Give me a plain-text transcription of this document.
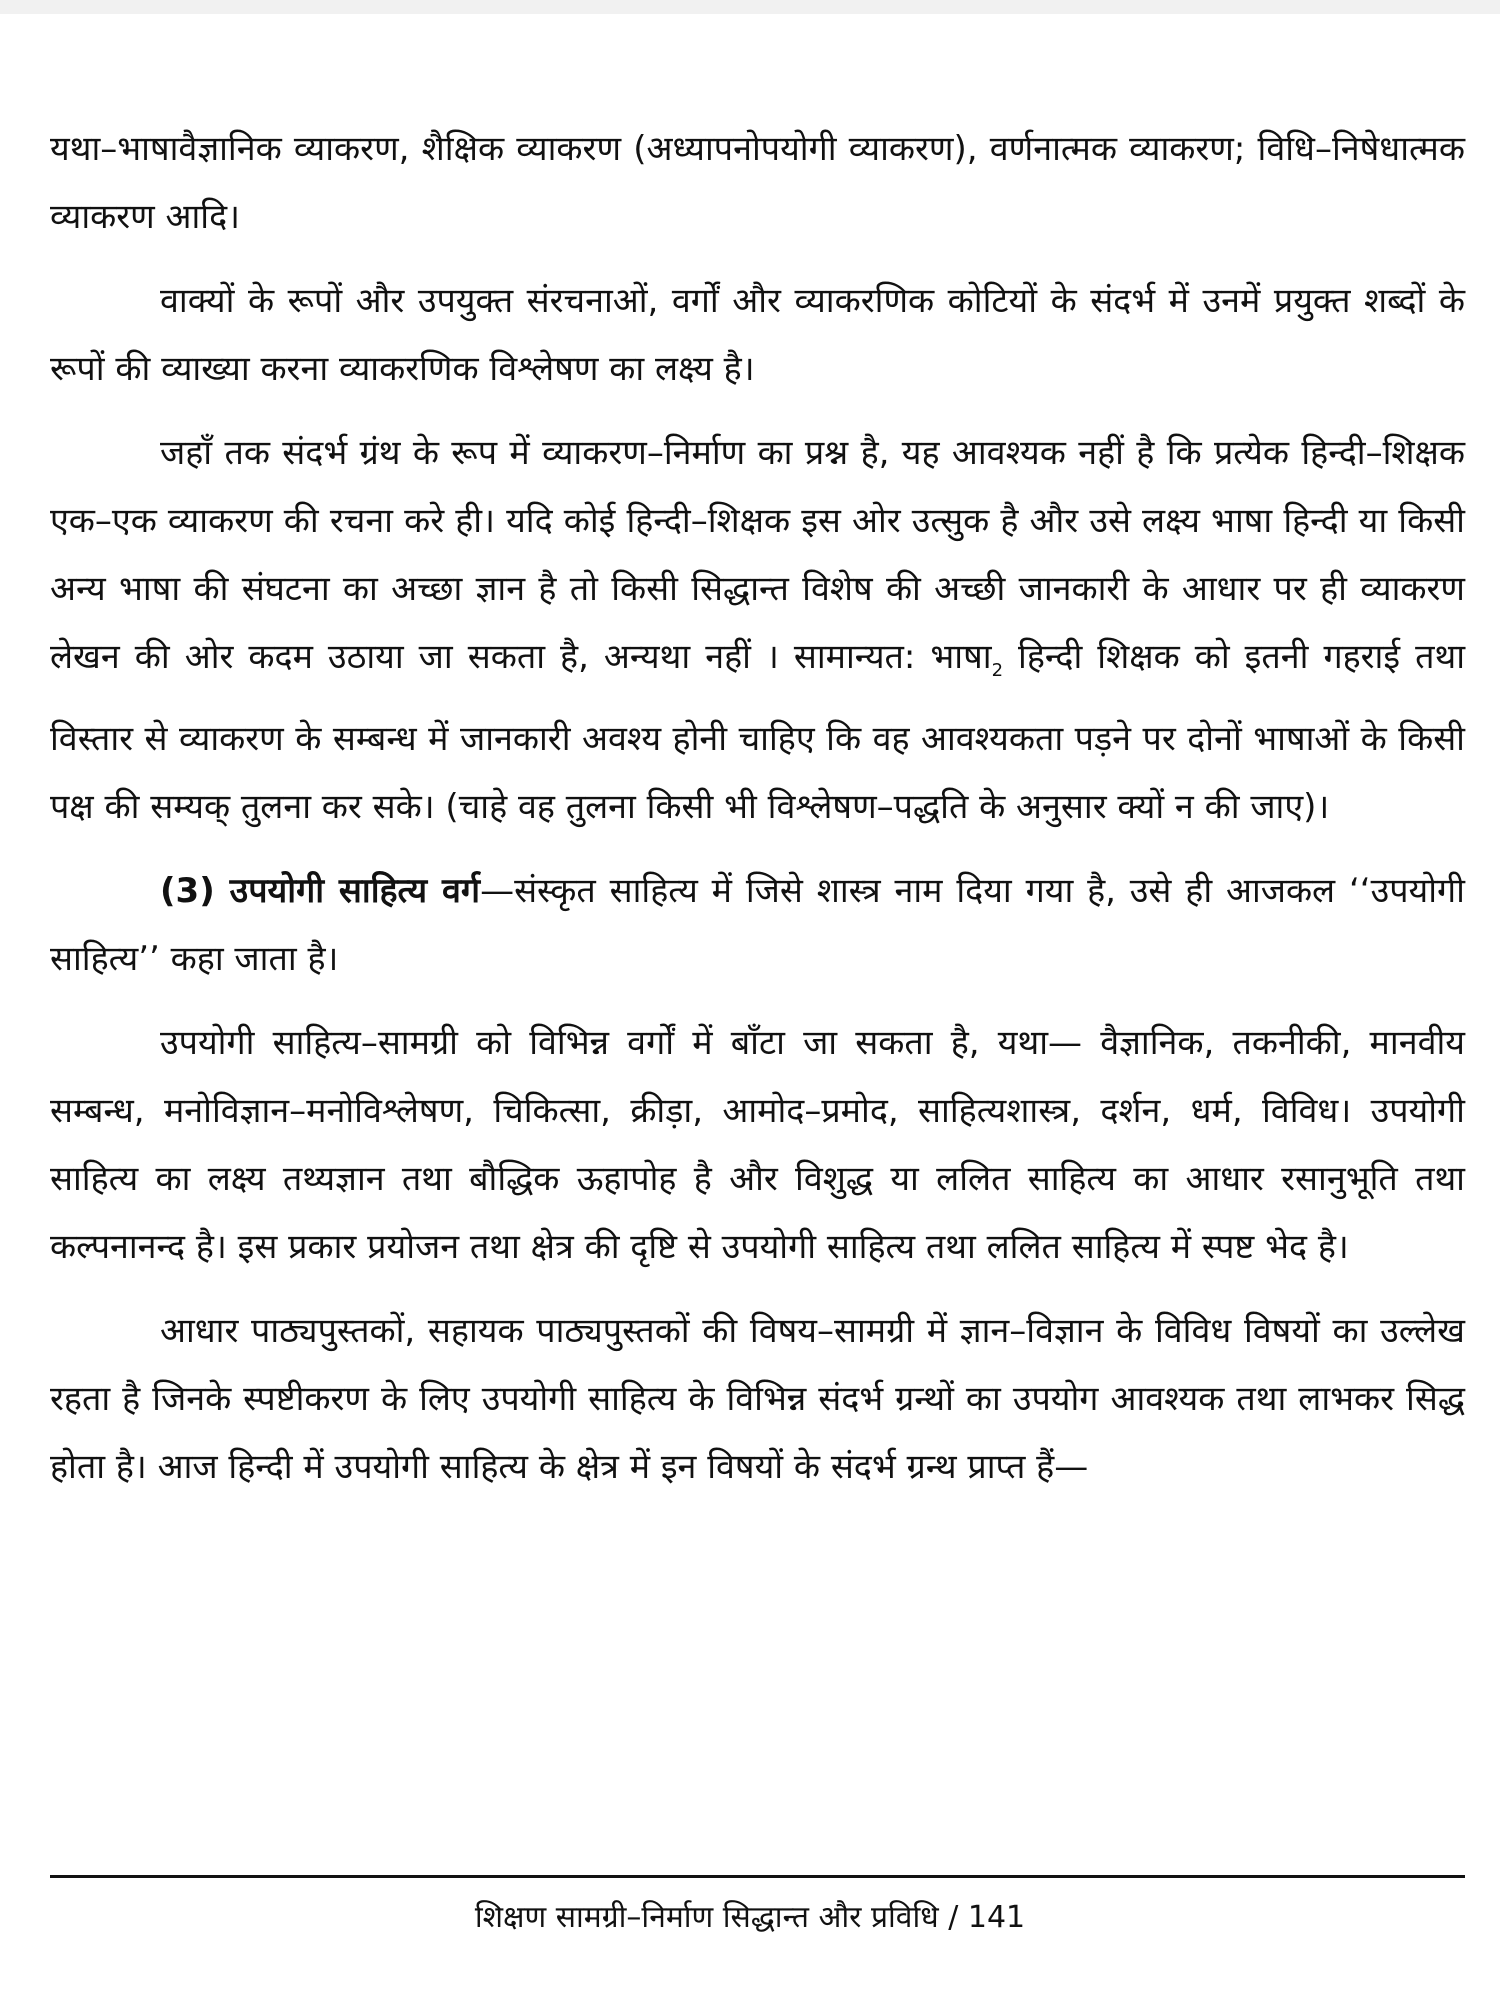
यथा–भाषावैज्ञानिक व्याकरण, शैक्षिक व्याकरण (अध्यापनोपयोगी व्याकरण), वर्णनात्मक व्याकरण; विधि–निषेधात्मक व्याकरण आदि।

वाक्यों के रूपों और उपयुक्त संरचनाओं, वर्गों और व्याकरणिक कोटियों के संदर्भ में उनमें प्रयुक्त शब्दों के रूपों की व्याख्या करना व्याकरणिक विश्लेषण का लक्ष्य है।

जहाँ तक संदर्भ ग्रंथ के रूप में व्याकरण–निर्माण का प्रश्न है, यह आवश्यक नहीं है कि प्रत्येक हिन्दी–शिक्षक एक–एक व्याकरण की रचना करे ही। यदि कोई हिन्दी–शिक्षक इस ओर उत्सुक है और उसे लक्ष्य भाषा हिन्दी या किसी अन्य भाषा की संघटना का अच्छा ज्ञान है तो किसी सिद्धान्त विशेष की अच्छी जानकारी के आधार पर ही व्याकरण लेखन की ओर कदम उठाया जा सकता है, अन्यथा नहीं । सामान्यत: $भाषा_2$ हिन्दी शिक्षक को इतनी गहराई तथा विस्तार से व्याकरण के सम्बन्ध में जानकारी अवश्य होनी चाहिए कि वह आवश्यकता पड़ने पर दोनों भाषाओं के किसी पक्ष की सम्यक् तुलना कर सके। (चाहे वह तुलना किसी भी विश्लेषण–पद्धति के अनुसार क्यों न की जाए)।

(3) उपयोगी साहित्य वर्ग—संस्कृत साहित्य में जिसे शास्त्र नाम दिया गया है, उसे ही आजकल ‘‘उपयोगी साहित्य’’ कहा जाता है।

उपयोगी साहित्य–सामग्री को विभिन्न वर्गों में बाँटा जा सकता है, यथा— वैज्ञानिक, तकनीकी, मानवीय सम्बन्ध, मनोविज्ञान–मनोविश्लेषण, चिकित्सा, क्रीड़ा, आमोद–प्रमोद, साहित्यशास्त्र, दर्शन, धर्म, विविध। उपयोगी साहित्य का लक्ष्य तथ्यज्ञान तथा बौद्धिक ऊहापोह है और विशुद्ध या ललित साहित्य का आधार रसानुभूति तथा कल्पनानन्द है। इस प्रकार प्रयोजन तथा क्षेत्र की दृष्टि से उपयोगी साहित्य तथा ललित साहित्य में स्पष्ट भेद है।

आधार पाठ्यपुस्तकों, सहायक पाठ्यपुस्तकों की विषय–सामग्री में ज्ञान–विज्ञान के विविध विषयों का उल्लेख रहता है जिनके स्पष्टीकरण के लिए उपयोगी साहित्य के विभिन्न संदर्भ ग्रन्थों का उपयोग आवश्यक तथा लाभकर सिद्ध होता है। आज हिन्दी में उपयोगी साहित्य के क्षेत्र में इन विषयों के संदर्भ ग्रन्थ प्राप्त हैं—

शिक्षण सामग्री–निर्माण सिद्धान्त और प्रविधि / 141
